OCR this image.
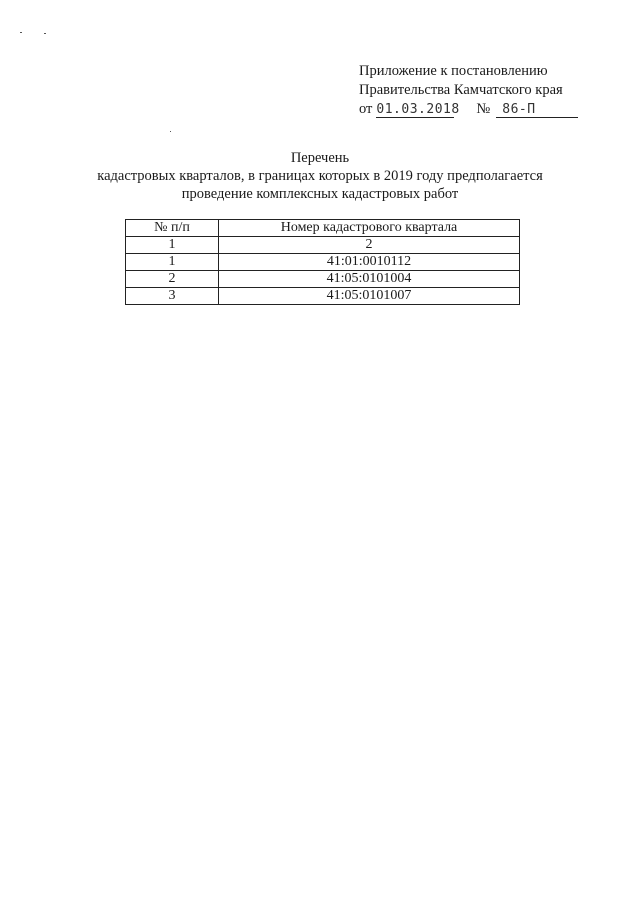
Приложение к постановлению
Правительства Камчатского края
от 01.03.2018 № 86-П
Перечень
кадастровых кварталов, в границах которых в 2019 году предполагается
проведение комплексных кадастровых работ
№ п/п	Номер кадастрового квартала
1	2
1	41:01:0010112
2	41:05:0101004
3	41:05:0101007
